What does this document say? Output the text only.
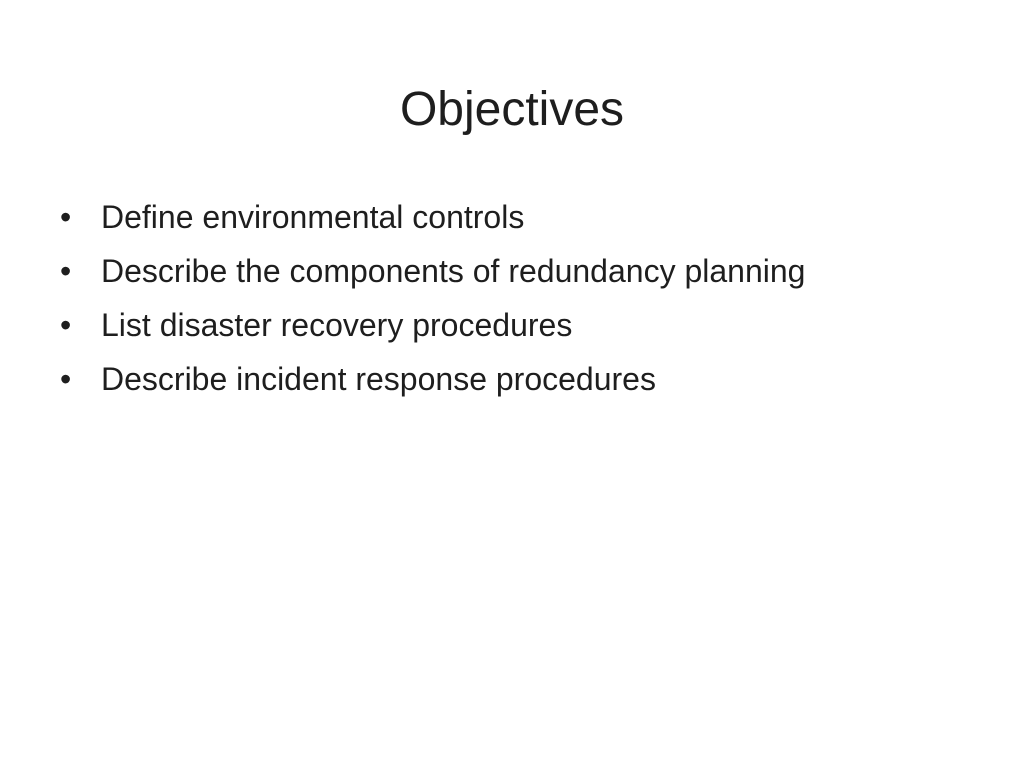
Objectives
• Define environmental controls
• Describe the components of redundancy planning
• List disaster recovery procedures
• Describe incident response procedures
